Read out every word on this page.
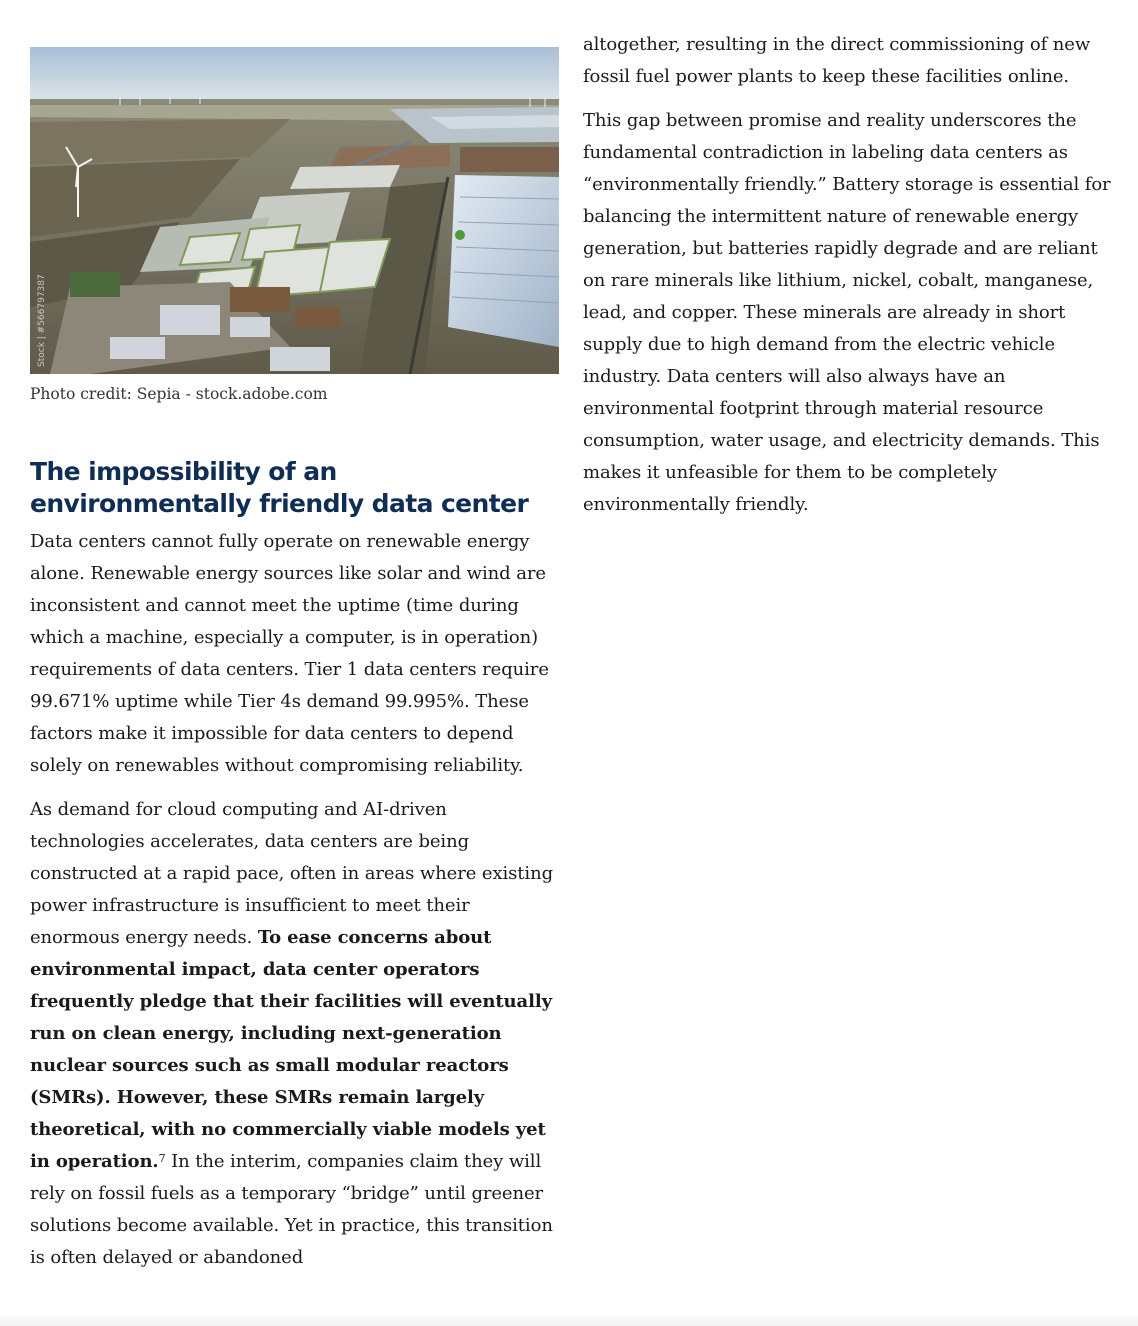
Stock | #566797387
Photo credit: Sepia - stock.adobe.com
The impossibility of an environmentally friendly data center

Data centers cannot fully operate on renewable energy alone. Renewable energy sources like solar and wind are inconsistent and cannot meet the uptime (time during which a machine, especially a computer, is in operation) requirements of data centers. Tier 1 data centers require 99.671% uptime while Tier 4s demand 99.995%. These factors make it impossible for data centers to depend solely on renewables without compromising reliability.

As demand for cloud computing and AI-driven technologies accelerates, data centers are being constructed at a rapid pace, often in areas where existing power infrastructure is insufficient to meet their enormous energy needs. To ease concerns about environmental impact, data center operators frequently pledge that their facilities will eventually run on clean energy, including next-generation nuclear sources such as small modular reactors (SMRs). However, these SMRs remain largely theoretical, with no commercially viable models yet in operation.$^7$ In the interim, companies claim they will rely on fossil fuels as a temporary “bridge” until greener solutions become available. Yet in practice, this transition is often delayed or abandoned

altogether, resulting in the direct commissioning of new fossil fuel power plants to keep these facilities online.

This gap between promise and reality underscores the fundamental contradiction in labeling data centers as “environmentally friendly.” Battery storage is essential for balancing the intermittent nature of renewable energy generation, but batteries rapidly degrade and are reliant on rare minerals like lithium, nickel, cobalt, manganese, lead, and copper. These minerals are already in short supply due to high demand from the electric vehicle industry. Data centers will also always have an environmental footprint through material resource consumption, water usage, and electricity demands. This makes it unfeasible for them to be completely environmentally friendly.
